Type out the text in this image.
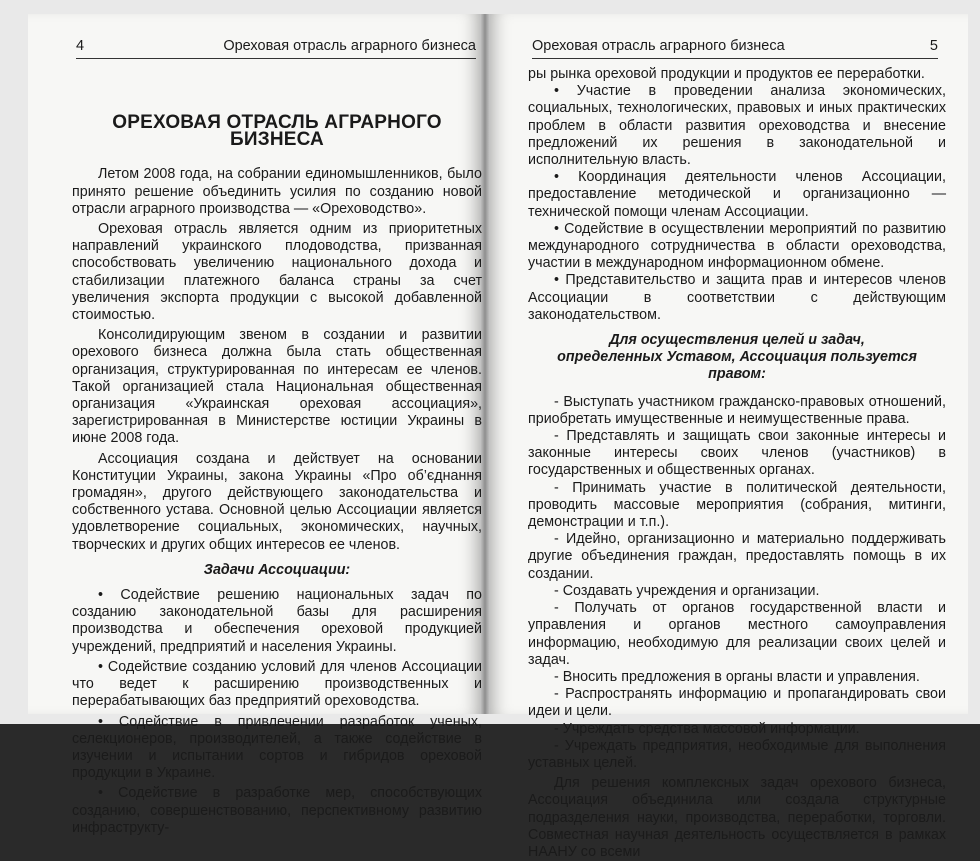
4	Ореховая отрасль аграрного бизнеса
ОРЕХОВАЯ ОТРАСЛЬ АГРАРНОГО БИЗНЕСА

Летом 2008 года, на собрании единомышленников, было принято решение объединить усилия по созданию новой отрасли аграрного производства — «Ореховодство».

Ореховая отрасль является одним из приоритетных направлений украинского плодоводства, призванная способствовать увеличению национального дохода и стабилизации платежного баланса страны за счет увеличения экспорта продукции с высокой добавленной стоимостью.

Консолидирующим звеном в создании и развитии орехового бизнеса должна была стать общественная организация, структурированная по интересам ее членов. Такой организацией стала Национальная общественная организация «Украинская ореховая ассоциация», зарегистрированная в Министерстве юстиции Украины в июне 2008 года.

Ассоциация создана и действует на основании Конституции Украины, закона Украины «Про об’єднання громадян», другого действующего законодательства и собственного устава. Основной целью Ассоциации является удовлетворение социальных, экономических, научных, творческих и других общих интересов ее членов.

Задачи Ассоциации:

• Содействие решению национальных задач по созданию законодательной базы для расширения производства и обеспечения ореховой продукцией учреждений, предприятий и населения Украины.

• Содействие созданию условий для членов Ассоциации что ведет к расширению производственных и перерабатывающих баз предприятий ореховодства.

• Содействие в привлечении разработок ученых, селекционеров, производителей, а также содействие в изучении и испытании сортов и гибридов ореховой продукции в Украине.

• Содействие в разработке мер, способствующих созданию, совершенствованию, перспективному развитию инфраструкту-

Ореховая отрасль аграрного бизнеса	5

ры рынка ореховой продукции и продуктов ее переработки.

• Участие в проведении анализа экономических, социальных, технологических, правовых и иных практических проблем в области развития ореховодства и внесение предложений их решения в законодательной и исполнительную власть.

• Координация деятельности членов Ассоциации, предоставление методической и организационно — технической помощи членам Ассоциации.

• Содействие в осуществлении мероприятий по развитию международного сотрудничества в области ореховодства, участии в международном информационном обмене.

• Представительство и защита прав и интересов членов Ассоциации в соответствии с действующим законодательством.

Для осуществления целей и задач,
определенных Уставом, Ассоциация пользуется правом:

- Выступать участником гражданско-правовых отношений, приобретать имущественные и неимущественные права.

- Представлять и защищать свои законные интересы и законные интересы своих членов (участников) в государственных и общественных органах.

- Принимать участие в политической деятельности, проводить массовые мероприятия (собрания, митинги, демонстрации и т.п.).

- Идейно, организационно и материально поддерживать другие объединения граждан, предоставлять помощь в их создании.

- Создавать учреждения и организации.

- Получать от органов государственной власти и управления и органов местного самоуправления информацию, необходимую для реализации своих целей и задач.

- Вносить предложения в органы власти и управления.

- Распространять информацию и пропагандировать свои идеи и цели.

- Учреждать средства массовой информации.

- Учреждать предприятия, необходимые для выполнения уставных целей.

Для решения комплексных задач орехового бизнеса, Ассоциация объединила или создала структурные подразделения науки, производства, переработки, торговли. Совместная научная деятельность осуществляется в рамках НААНУ со всеми
